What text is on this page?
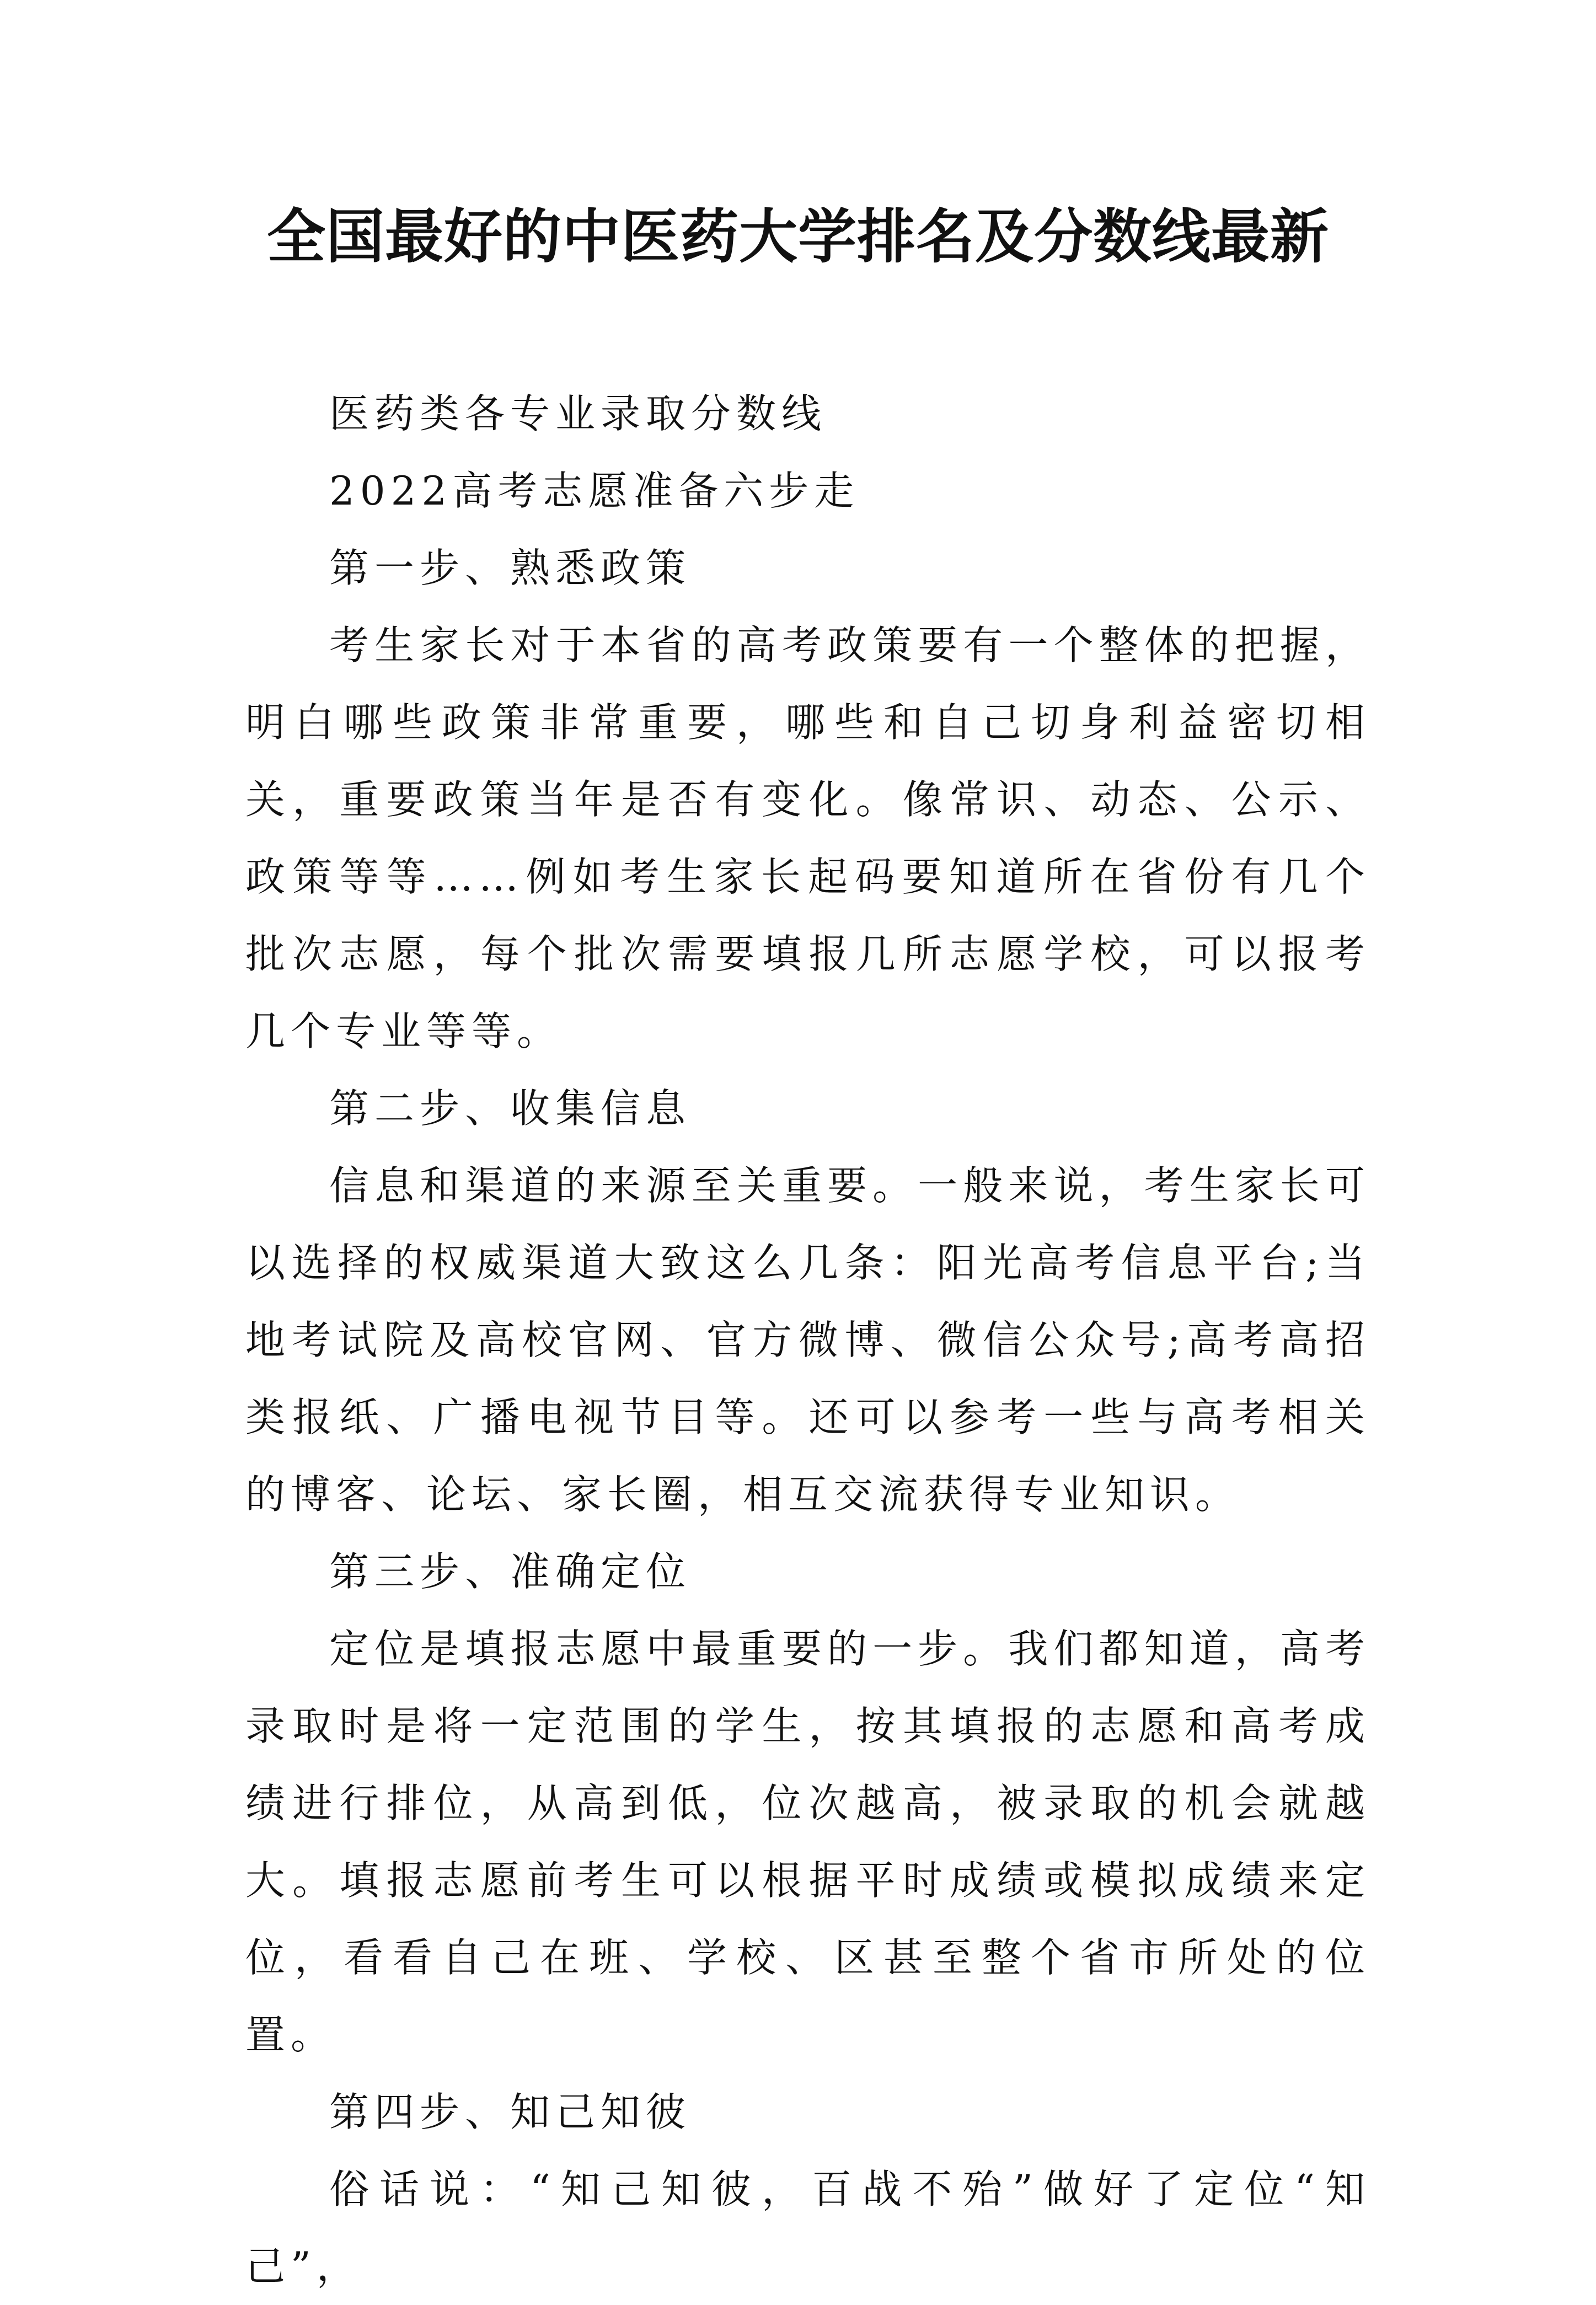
全国最好的中医药大学排名及分数线最新

医药类各专业录取分数线

2022高考志愿准备六步走

第一步、熟悉政策

考生家长对于本省的高考政策要有一个整体的把握，明白哪些政策非常重要，哪些和自己切身利益密切相关，重要政策当年是否有变化。像常识、动态、公示、政策等等……例如考生家长起码要知道所在省份有几个批次志愿，每个批次需要填报几所志愿学校，可以报考几个专业等等。

第二步、收集信息

信息和渠道的来源至关重要。一般来说，考生家长可以选择的权威渠道大致这么几条：阳光高考信息平台;当地考试院及高校官网、官方微博、微信公众号;高考高招类报纸、广播电视节目等。还可以参考一些与高考相关的博客、论坛、家长圈，相互交流获得专业知识。

第三步、准确定位

定位是填报志愿中最重要的一步。我们都知道，高考录取时是将一定范围的学生，按其填报的志愿和高考成绩进行排位，从高到低，位次越高，被录取的机会就越大。填报志愿前考生可以根据平时成绩或模拟成绩来定位，看看自己在班、学校、区甚至整个省市所处的位置。

第四步、知己知彼

俗话说：“知己知彼，百战不殆”做好了定位“知己”，
